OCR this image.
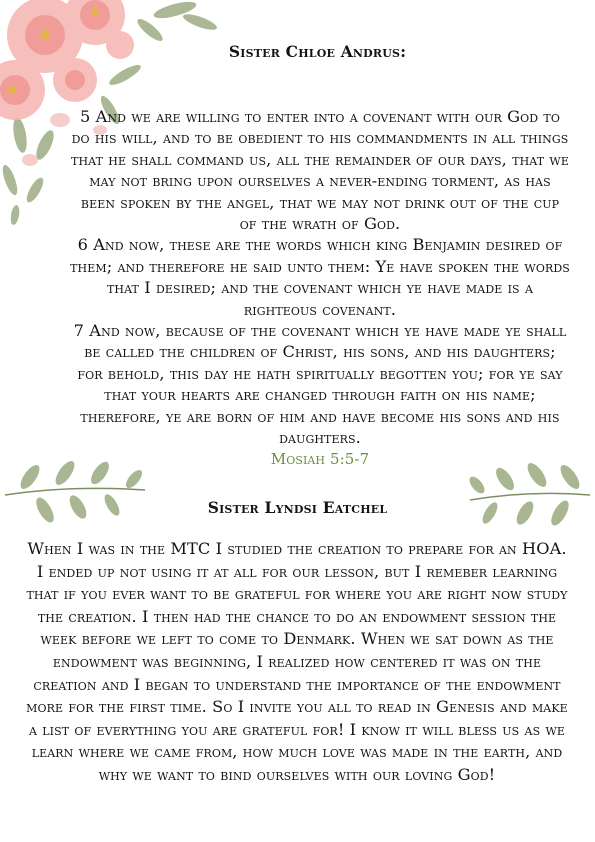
Sister Chloe Andrus:

5 And we are willing to enter into a covenant with our God to do his will, and to be obedient to his commandments in all things that he shall command us, all the remainder of our days, that we may not bring upon ourselves a never-ending torment, as has been spoken by the angel, that we may not drink out of the cup of the wrath of God.

6 And now, these are the words which king Benjamin desired of them; and therefore he said unto them: Ye have spoken the words that I desired; and the covenant which ye have made is a righteous covenant.

7 And now, because of the covenant which ye have made ye shall be called the children of Christ, his sons, and his daughters; for behold, this day he hath spiritually begotten you; for ye say that your hearts are changed through faith on his name; therefore, ye are born of him and have become his sons and his daughters.

Mosiah 5:5-7

Sister Lyndsi Eatchel

When I was in the MTC I studied the creation to prepare for an HOA. I ended up not using it at all for our lesson, but I remeber learning that if you ever want to be grateful for where you are right now study the creation. I then had the chance to do an endowment session the week before we left to come to Denmark. When we sat down as the endowment was beginning, I realized how centered it was on the creation and I began to understand the importance of the endowment more for the first time. So I invite you all to read in Genesis and make a list of everything you are grateful for! I know it will bless us as we learn where we came from, how much love was made in the earth, and why we want to bind ourselves with our loving God!
